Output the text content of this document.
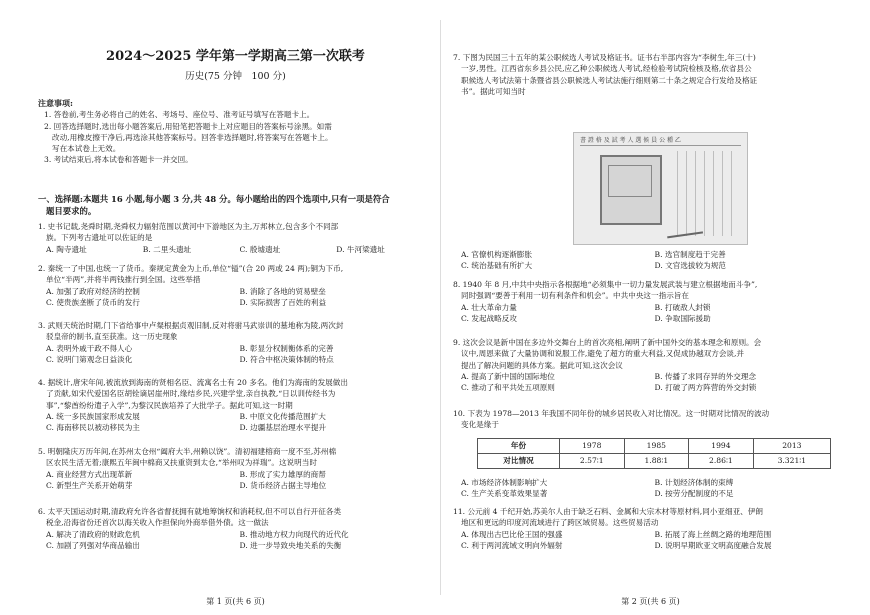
2024～2025 学年第一学期高三第一次联考
历史(75 分钟　100 分)
注意事项:

1. 答卷前,考生务必将自己的姓名、考场号、座位号、准考证号填写在答题卡上。

2. 回答选择题时,选出每小题答案后,用铅笔把答题卡上对应题目的答案标号涂黑。如需

改动,用橡皮擦干净后,再选涂其他答案标号。回答非选择题时,将答案写在答题卡上。

写在本试卷上无效。

3. 考试结束后,将本试卷和答题卡一并交回。

一、选择题:本题共 16 小题,每小题 3 分,共 48 分。每小题给出的四个选项中,只有一项是符合
题目要求的。

1. 史书记载,尧舜时期,尧舜权力辐射范围以黄河中下游地区为主,万邦林立,包含多个不同部

族。下列考古遗址可以佐证的是

A. 陶寺遗址	B. 二里头遗址	C. 殷墟遗址	D. 牛河梁遗址

2. 秦统一了中国,也统一了货币。秦规定黄金为上币,单位“镒”(合 20 两或 24 两);铜为下币,

单位“半两”,并将半两钱推行到全国。这些举措

A. 加强了政府对经济的控制	B. 消除了各地的贸易壁垒
C. 使贵族垄断了货币的发行	D. 实际损害了百姓的利益

3. 武则天统治时期,门下省给事中卢粲根据贞观旧制,反对将驸马武崇训的墓地称为陵,两次封

驳皇帝的制书,直至获准。这一历史现象

A. 表明外戚干政不得人心	B. 彰显分权制衡体系的完善
C. 说明门第观念日益淡化	D. 符合中枢决策体制的特点

4. 据统计,唐宋年间,被流放到海南的贤相名臣、流寓名士有 20 多名。他们为海南的发展做出

了贡献,如宋代爱国名臣胡铨谪居崖州时,缘结乡民,兴建学堂,亲自执教,“日以训传经书为

事”,“黎酋纷纷遣子入学”,为黎汉民族培养了大批学子。据此可知,这一时期

A. 统一多民族国家形成发展	B. 中原文化传播范围扩大
C. 海南移民以被动移民为主	D. 边疆基层治理水平提升

5. 明朝隆庆万历年间,在苏州太仓州“阖府大半,州赖以饶”。清初福建榕商一度不至,苏州棉

区农民生活无着;康熙五年闽中棉商又扶重资到太仓,“举州叹为祥瑞”。这说明当时

A. 商业经营方式出现革新	B. 形成了实力雄厚的商帮
C. 新型生产关系开始萌芽	D. 货币经济占据主导地位

6. 太平天国运动时期,清政府允许各省督抚拥有就地筹饷权和消耗权,但不可以自行开征各类

税金,沿海省份还首次以海关收入作担保向外商举借外债。这一做法

A. 解决了清政府的财政危机	B. 推动地方权力向现代的近代化
C. 加剧了列强对华商品输出	D. 进一步导致央地关系的失衡
第 1 页(共 6 页)

7. 下图为民国三十五年的某公职候选人考试及格证书。证书右半部内容为“李树生,年三(十)

一岁,男性。江西省东乡县公民,应乙种公职候选人考试,经检验考试院检核及格,依省县公

职候选人考试法第十条暨省县公职候选人考试法施行细则第二十条之规定合行发给及格证

书”。据此可知当时

書 證 格 及 試 考 人 選 候 員 公 種 乙
A. 官僚机构逐渐膨胀	B. 选官制度趋于完善
C. 统治基础有所扩大	D. 文官选拔较为规范

8. 1940 年 8 月,中共中央指示各根据地“必须集中一切力量发展武装与建立根据地而斗争”,

同时强调“要善于利用一切有利条件和机会”。中共中央这一指示旨在

A. 壮大革命力量	B. 打破敌人封锁
C. 发起战略反攻	D. 争取国际援助

9. 这次会议是新中国在多边外交舞台上的首次亮相,阐明了新中国外交的基本理念和原则。会

议中,周恩来做了大量协调和说服工作,避免了超方的重大利益,又促成协越双方会谈,并

提出了解决问题的具体方案。据此可知,这次会议

A. 提高了新中国的国际地位	B. 传播了求同存异的外交理念
C. 推动了和平共处五项原则	D. 打破了两方阵营的外交封锁

10. 下表为 1978—2013 年我国不同年份的城乡居民收入对比情况。这一时期对比情况的波动

变化是缘于

年份	1978	1985	1994	2013
对比情况	2.57∶1	1.88∶1	2.86∶1	3.321∶1
A. 市场经济体制影响扩大	B. 计划经济体制的束缚
C. 生产关系变革效果显著	D. 按劳分配制度的不足

11. 公元前 4 千纪开始,苏美尔人由于缺乏石料、金属和大宗木材等原材料,同小亚细亚、伊朗

地区和更远的印度河流域进行了跨区域贸易。这些贸易活动

A. 体现出古巴比伦王国的强盛	B. 拓展了海上丝绸之路的地理范围
C. 利于两河流域文明向外辐射	D. 说明早期欧亚文明高度融合发展
第 2 页(共 6 页)
